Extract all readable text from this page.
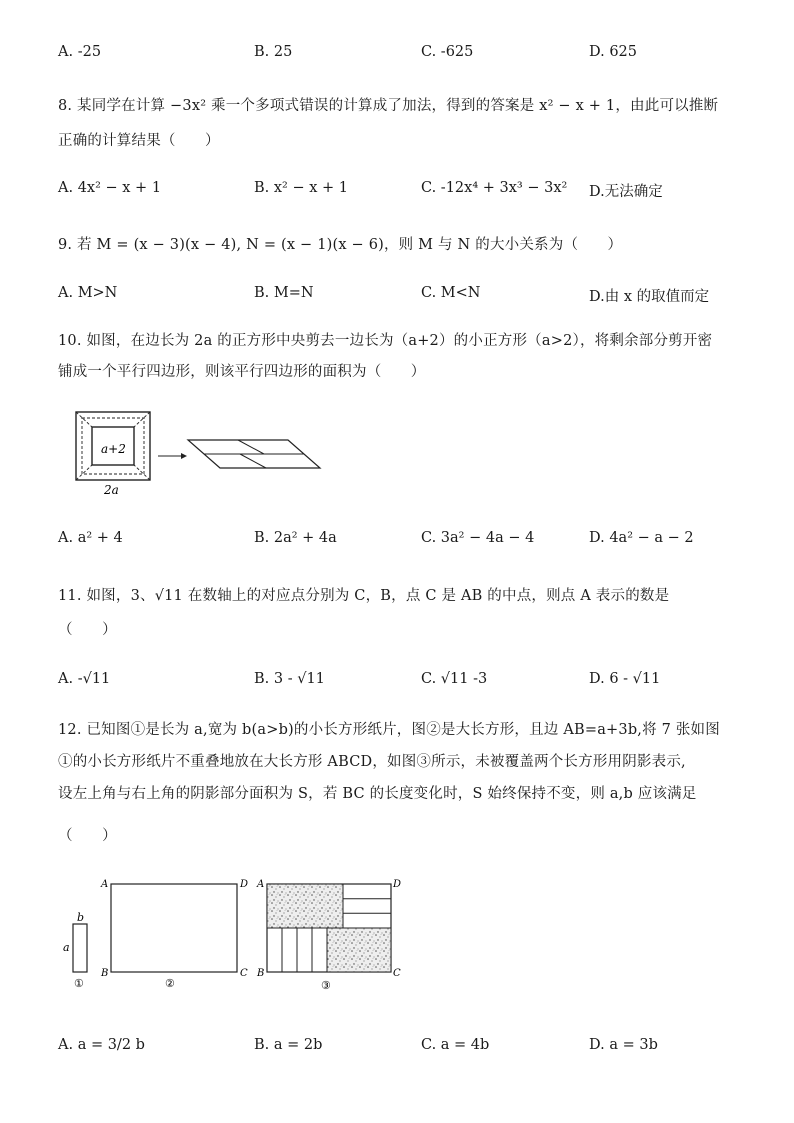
A. -25	B. 25	C. -625	D. 625
8. 某同学在计算 −3x² 乘一个多项式错误的计算成了加法，得到的答案是 x² − x + 1，由此可以推断
正确的计算结果（　　）
A. 4x² − x + 1	B. x² − x + 1	C. -12x⁴ + 3x³ − 3x² D.无法确定
9. 若 M = (x − 3)(x − 4), N = (x − 1)(x − 6)，则 M 与 N 的大小关系为（　　）
A. M>N	B. M=N	C. M<N	D.由 x 的取值而定
10. 如图，在边长为 2a 的正方形中央剪去一边长为（a+2）的小正方形（a>2），将剩余部分剪开密
铺成一个平行四边形，则该平行四边形的面积为（　　）
a+2
2a
A. a² + 4	B. 2a² + 4a	C. 3a² − 4a − 4	D. 4a² − a − 2
11. 如图，3、√11 在数轴上的对应点分别为 C，B，点 C 是 AB 的中点，则点 A 表示的数是
（　　）
A. -√11	B. 3 - √11	C. √11 -3	D. 6 - √11
12. 已知图①是长为 a,宽为 b(a>b)的小长方形纸片，图②是大长方形，且边 AB=a+3b,将 7 张如图
①的小长方形纸片不重叠地放在大长方形 ABCD，如图③所示，未被覆盖两个长方形用阴影表示,
设左上角与右上角的阴影部分面积为 S，若 BC 的长度变化时，S 始终保持不变，则 a,b 应该满足
（　　）
b
a
①
A	D
B	C
②
A	D
B	C
③
A. a = 3/2 b	B. a = 2b	C. a = 4b	D. a = 3b
